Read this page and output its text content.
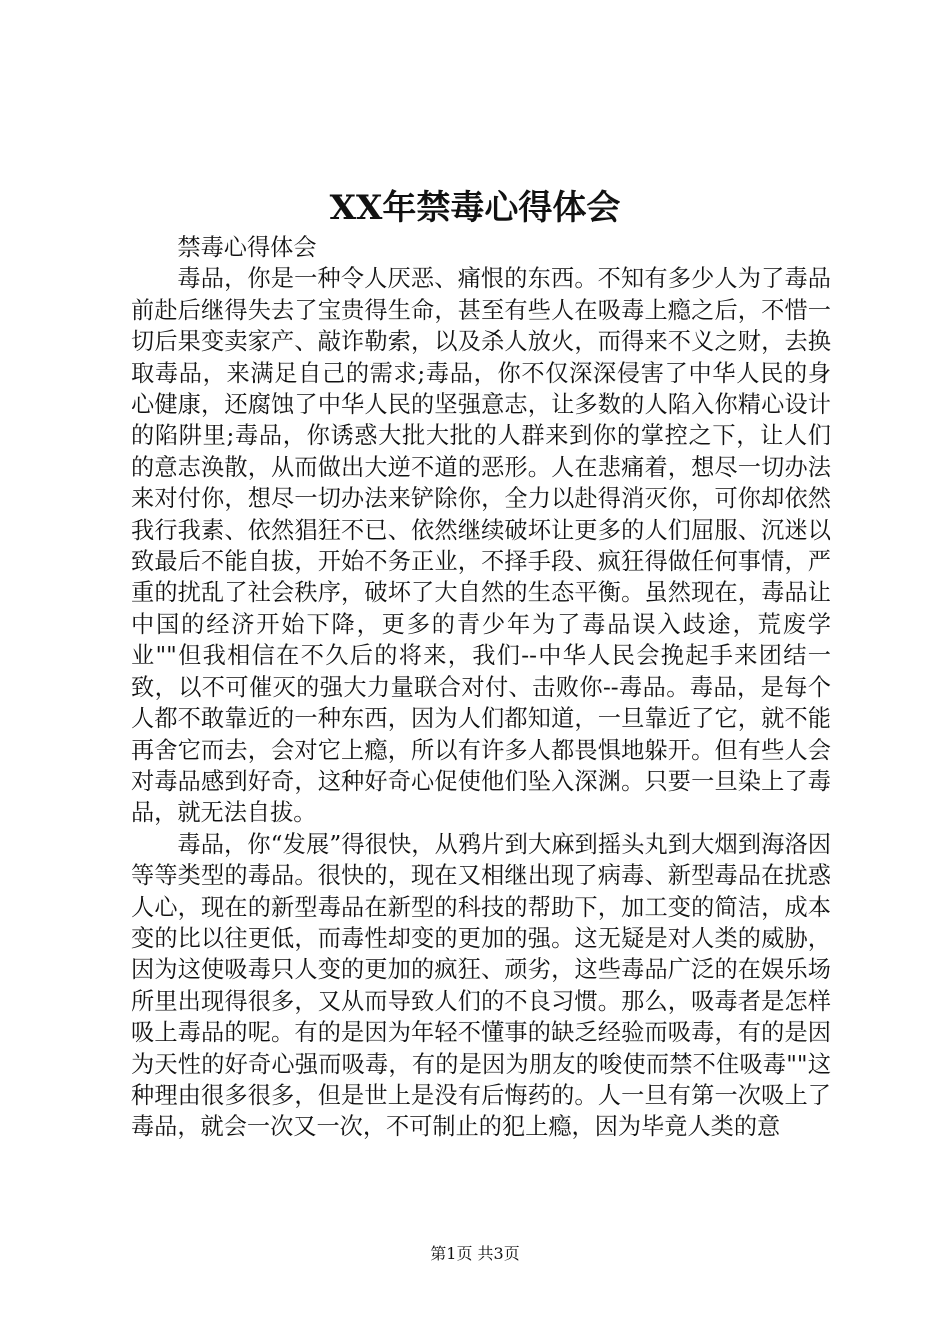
XX年禁毒心得体会

禁毒心得体会

毒品，你是一种令人厌恶、痛恨的东西。不知有多少人为了毒品前赴后继得失去了宝贵得生命，甚至有些人在吸毒上瘾之后，不惜一切后果变卖家产、敲诈勒索，以及杀人放火，而得来不义之财，去换取毒品，来满足自己的需求;毒品，你不仅深深侵害了中华人民的身心健康，还腐蚀了中华人民的坚强意志，让多数的人陷入你精心设计的陷阱里;毒品，你诱惑大批大批的人群来到你的掌控之下，让人们的意志涣散，从而做出大逆不道的恶形。人在悲痛着，想尽一切办法来对付你，想尽一切办法来铲除你，全力以赴得消灭你，可你却依然我行我素、依然猖狂不已、依然继续破坏让更多的人们屈服、沉迷以致最后不能自拔，开始不务正业，不择手段、疯狂得做任何事情，严重的扰乱了社会秩序，破坏了大自然的生态平衡。虽然现在，毒品让中国的经济开始下降，更多的青少年为了毒品误入歧途，荒废学业""但我相信在不久后的将来，我们--中华人民会挽起手来团结一致，以不可催灭的强大力量联合对付、击败你--毒品。毒品，是每个人都不敢靠近的一种东西，因为人们都知道，一旦靠近了它，就不能再舍它而去，会对它上瘾，所以有许多人都畏惧地躲开。但有些人会对毒品感到好奇，这种好奇心促使他们坠入深渊。只要一旦染上了毒品，就无法自拔。

毒品，你“发展”得很快，从鸦片到大麻到摇头丸到大烟到海洛因等等类型的毒品。很快的，现在又相继出现了病毒、新型毒品在扰惑人心，现在的新型毒品在新型的科技的帮助下，加工变的简洁，成本变的比以往更低，而毒性却变的更加的强。这无疑是对人类的威胁，因为这使吸毒只人变的更加的疯狂、顽劣，这些毒品广泛的在娱乐场所里出现得很多，又从而导致人们的不良习惯。那么，吸毒者是怎样吸上毒品的呢。有的是因为年轻不懂事的缺乏经验而吸毒，有的是因为天性的好奇心强而吸毒，有的是因为朋友的唆使而禁不住吸毒""这种理由很多很多，但是世上是没有后悔药的。人一旦有第一次吸上了毒品，就会一次又一次，不可制止的犯上瘾，因为毕竟人类的意

第1页 共3页
